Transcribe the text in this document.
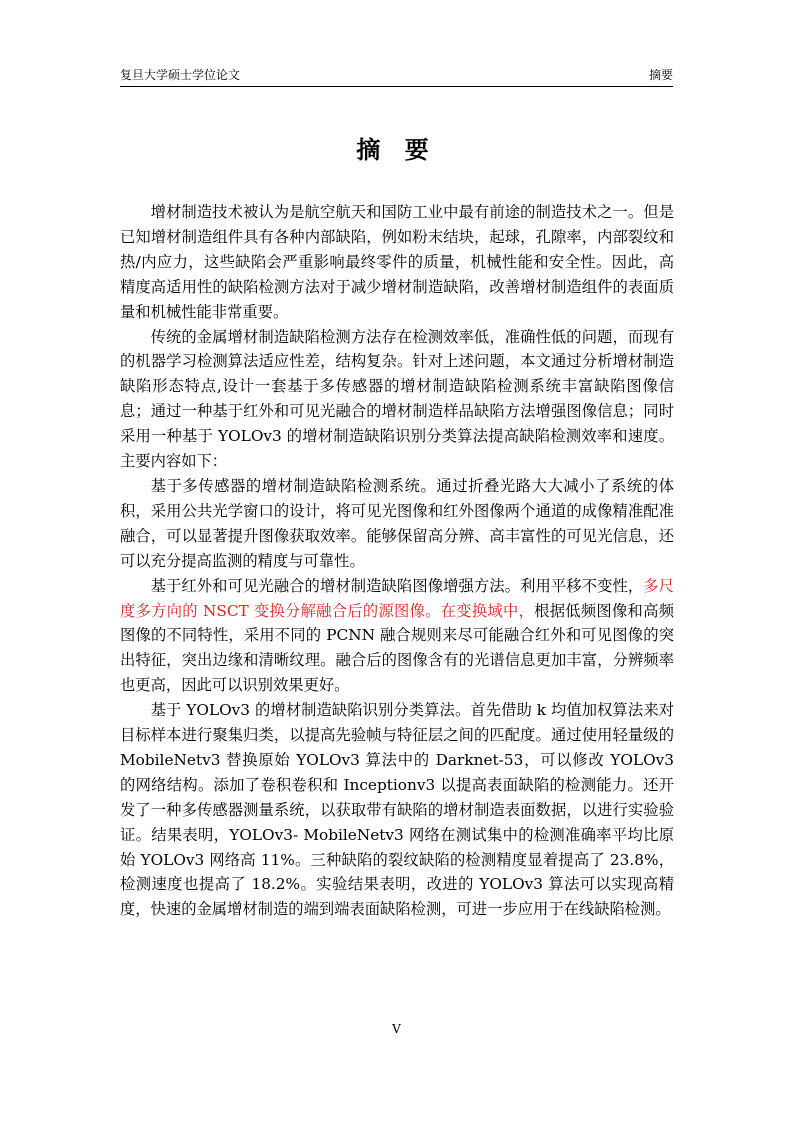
复旦大学硕士学位论文	摘要
摘 要

增材制造技术被认为是航空航天和国防工业中最有前途的制造技术之一。但是已知增材制造组件具有各种内部缺陷，例如粉末结块，起球，孔隙率，内部裂纹和热/内应力，这些缺陷会严重影响最终零件的质量，机械性能和安全性。因此，高精度高适用性的缺陷检测方法对于减少增材制造缺陷，改善增材制造组件的表面质量和机械性能非常重要。

传统的金属增材制造缺陷检测方法存在检测效率低，准确性低的问题，而现有的机器学习检测算法适应性差，结构复杂。针对上述问题，本文通过分析增材制造缺陷形态特点,设计一套基于多传感器的增材制造缺陷检测系统丰富缺陷图像信息；通过一种基于红外和可见光融合的增材制造样品缺陷方法增强图像信息；同时采用一种基于 YOLOv3 的增材制造缺陷识别分类算法提高缺陷检测效率和速度。主要内容如下：

基于多传感器的增材制造缺陷检测系统。通过折叠光路大大减小了系统的体积，采用公共光学窗口的设计，将可见光图像和红外图像两个通道的成像精准配准融合，可以显著提升图像获取效率。能够保留高分辨、高丰富性的可见光信息，还可以充分提高监测的精度与可靠性。

基于红外和可见光融合的增材制造缺陷图像增强方法。利用平移不变性，多尺度多方向的 NSCT 变换分解融合后的源图像。在变换域中，根据低频图像和高频图像的不同特性，采用不同的 PCNN 融合规则来尽可能融合红外和可见图像的突出特征，突出边缘和清晰纹理。融合后的图像含有的光谱信息更加丰富，分辨频率也更高，因此可以识别效果更好。

基于 YOLOv3 的增材制造缺陷识别分类算法。首先借助 k 均值加权算法来对目标样本进行聚集归类，以提高先验帧与特征层之间的匹配度。通过使用轻量级的 MobileNetv3 替换原始 YOLOv3 算法中的 Darknet-53，可以修改 YOLOv3 的网络结构。添加了卷积卷积和 Inceptionv3 以提高表面缺陷的检测能力。还开发了一种多传感器测量系统，以获取带有缺陷的增材制造表面数据，以进行实验验证。结果表明，YOLOv3- MobileNetv3 网络在测试集中的检测准确率平均比原始 YOLOv3 网络高 11%。三种缺陷的裂纹缺陷的检测精度显着提高了 23.8%，检测速度也提高了 18.2%。实验结果表明，改进的 YOLOv3 算法可以实现高精度，快速的金属增材制造的端到端表面缺陷检测，可进一步应用于在线缺陷检测。

V
